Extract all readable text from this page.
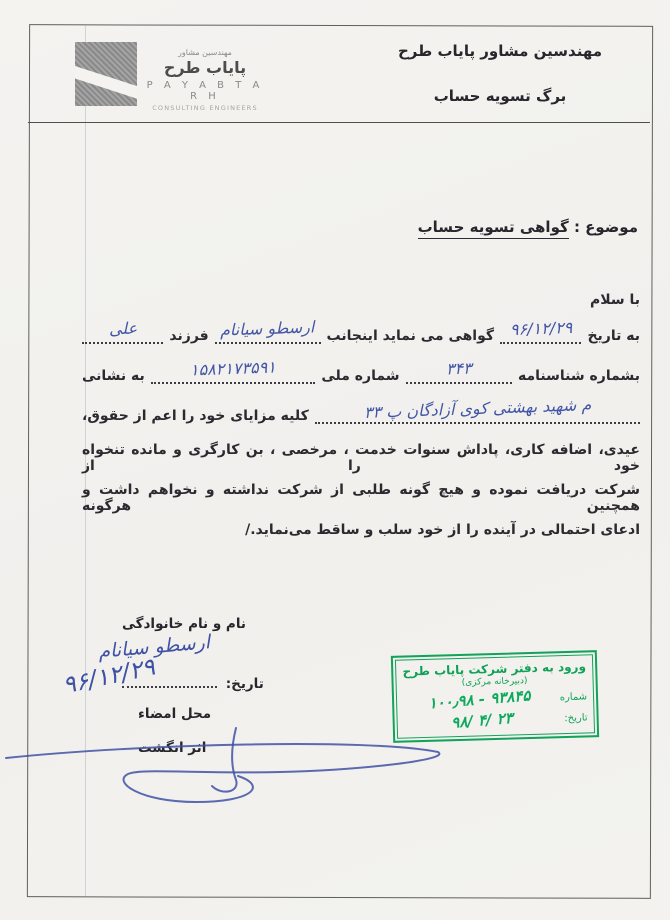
مهندسین مشاور
پایاب طرح
P A Y A B T A R H
CONSULTING ENGINEERS
مهندسین مشاور پایاب طرح
برگ تسویه حساب
موضوع : گواهی تسویه حساب
با سلام
به تاریخ
۹۶/۱۲/۲۹
گواهی می نماید اینجانب
ارسطو سیانام
فرزند
علی
بشماره شناسنامه
۳۴۳
شماره ملی
۱۵۸۲۱۷۳۵۹۱
به نشانی
م شهید بهشتی کوی آزادگان پ ۳۳
کلیه مزایای خود را اعم از حقوق،
عیدی، اضافه کاری، پاداش سنوات خدمت ، مرخصی ، بن کارگری و مانده تنخواه خود را از
شرکت دریافت نموده و هیچ گونه طلبی از شرکت نداشته و نخواهم داشت و همچنین هرگونه
ادعای احتمالی در آینده را از خود سلب و ساقط می‌نماید./
نام و نام خانوادگی
ارسطو سیانام
تاریخ:
۹۶/۱۲/۲۹
محل امضاء
اثر انگشت
ورود به دفتر شرکت پایاب طرح
(دبیرخانه مرکزی)
شماره
۱۰۰٫۹۸ - ۹۳۸۴۵
تاریخ:
۹۸/ ۴/ ۲۳
